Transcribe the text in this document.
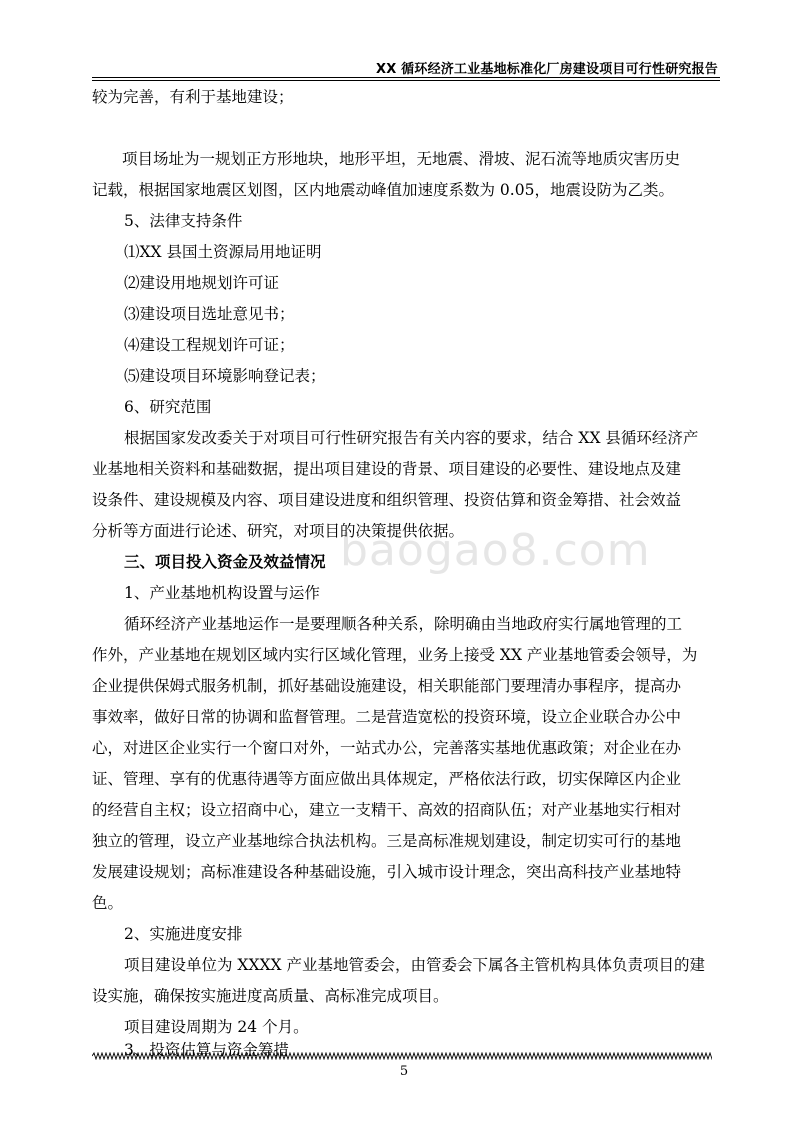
XX 循环经济工业基地标准化厂房建设项目可行性研究报告
baogao8.com
较为完善，有利于基地建设；
项目场址为一规划正方形地块，地形平坦，无地震、滑坡、泥石流等地质灾害历史
记载，根据国家地震区划图，区内地震动峰值加速度系数为 0.05，地震设防为乙类。
5、法律支持条件
⑴XX 县国土资源局用地证明
⑵建设用地规划许可证
⑶建设项目选址意见书；
⑷建设工程规划许可证；
⑸建设项目环境影响登记表；
6、研究范围
根据国家发改委关于对项目可行性研究报告有关内容的要求，结合 XX 县循环经济产
业基地相关资料和基础数据，提出项目建设的背景、项目建设的必要性、建设地点及建
设条件、建设规模及内容、项目建设进度和组织管理、投资估算和资金筹措、社会效益
分析等方面进行论述、研究，对项目的决策提供依据。
三、项目投入资金及效益情况
1、产业基地机构设置与运作
循环经济产业基地运作一是要理顺各种关系，除明确由当地政府实行属地管理的工
作外，产业基地在规划区域内实行区域化管理，业务上接受 XX 产业基地管委会领导，为
企业提供保姆式服务机制，抓好基础设施建设，相关职能部门要理清办事程序，提高办
事效率，做好日常的协调和监督管理。二是营造宽松的投资环境，设立企业联合办公中
心，对进区企业实行一个窗口对外，一站式办公，完善落实基地优惠政策；对企业在办
证、管理、享有的优惠待遇等方面应做出具体规定，严格依法行政，切实保障区内企业
的经营自主权；设立招商中心，建立一支精干、高效的招商队伍；对产业基地实行相对
独立的管理，设立产业基地综合执法机构。三是高标准规划建设，制定切实可行的基地
发展建设规划；高标准建设各种基础设施，引入城市设计理念，突出高科技产业基地特
色。
2、实施进度安排
项目建设单位为 XXXX 产业基地管委会，由管委会下属各主管机构具体负责项目的建
设实施，确保按实施进度高质量、高标准完成项目。
项目建设周期为 24 个月。
3、投资估算与资金筹措
5
